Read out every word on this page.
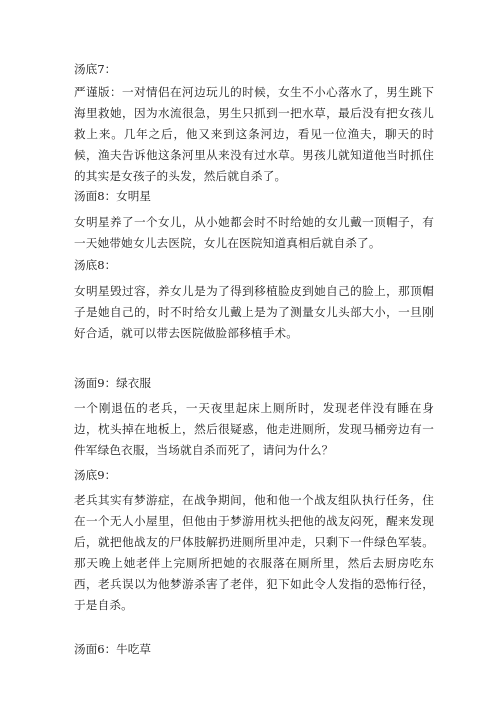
汤底7：

严谨版：一对情侣在河边玩儿的时候，女生不小心落水了，男生跳下海里救她，因为水流很急，男生只抓到一把水草，最后没有把女孩儿救上来。几年之后，他又来到这条河边，看见一位渔夫，聊天的时候，渔夫告诉他这条河里从来没有过水草。男孩儿就知道他当时抓住的其实是女孩子的头发，然后就自杀了。

汤面8：女明星

女明星养了一个女儿，从小她都会时不时给她的女儿戴一顶帽子，有一天她带她女儿去医院，女儿在医院知道真相后就自杀了。

汤底8：

女明星毁过容，养女儿是为了得到移植脸皮到她自己的脸上，那顶帽子是她自己的，时不时给女儿戴上是为了测量女儿头部大小，一旦刚好合适，就可以带去医院做脸部移植手术。

汤面9：绿衣服

一个刚退伍的老兵，一天夜里起床上厕所时，发现老伴没有睡在身边，枕头掉在地板上，然后很疑惑，他走进厕所，发现马桶旁边有一件军绿色衣服，当场就自杀而死了，请问为什么？

汤底9：

老兵其实有梦游症，在战争期间，他和他一个战友组队执行任务，住在一个无人小屋里，但他由于梦游用枕头把他的战友闷死，醒来发现后，就把他战友的尸体肢解扔进厕所里冲走，只剩下一件绿色军装。那天晚上她老伴上完厕所把她的衣服落在厕所里，然后去厨房吃东西，老兵误以为他梦游杀害了老伴，犯下如此令人发指的恐怖行径，于是自杀。

汤面6：牛吃草
